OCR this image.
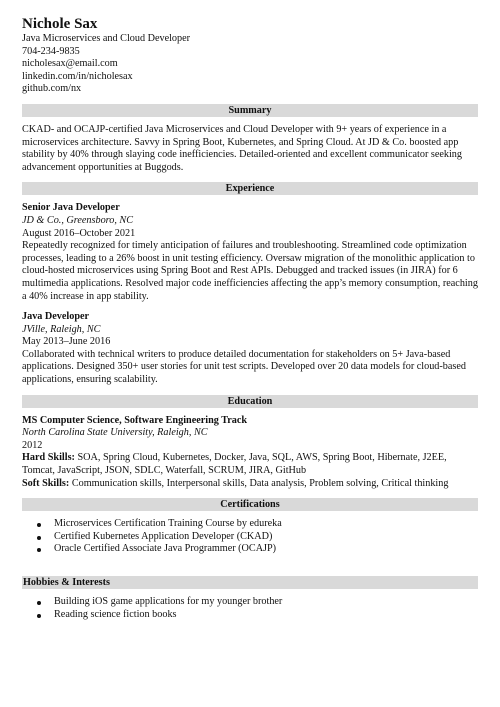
Nichole Sax
Java Microservices and Cloud Developer
704-234-9835
nicholesax@email.com
linkedin.com/in/nicholesax
github.com/nx
Summary

CKAD- and OCAJP-certified Java Microservices and Cloud Developer with 9+ years of experience in a microservices architecture. Savvy in Spring Boot, Kubernetes, and Spring Cloud. At JD & Co. boosted app stability by 40% through slaying code inefficiencies. Detailed-oriented and excellent communicator seeking advancement opportunities at Buggods.

Experience
Senior Java Developer
JD & Co., Greensboro, NC
August 2016–October 2021

Repeatedly recognized for timely anticipation of failures and troubleshooting. Streamlined code optimization processes, leading to a 26% boost in unit testing efficiency. Oversaw migration of the monolithic application to cloud-hosted microservices using Spring Boot and Rest APIs. Debugged and tracked issues (in JIRA) for 6 multimedia applications. Resolved major code inefficiencies affecting the app’s memory consumption, reaching a 40% increase in app stability.

Java Developer
JVille, Raleigh, NC
May 2013–June 2016

Collaborated with technical writers to produce detailed documentation for stakeholders on 5+ Java-based applications. Designed 350+ user stories for unit test scripts. Developed over 20 data models for cloud-based applications, ensuring scalability.

Education
MS Computer Science, Software Engineering Track
North Carolina State University, Raleigh, NC
2012

Hard Skills: SOA, Spring Cloud, Kubernetes, Docker, Java, SQL, AWS, Spring Boot, Hibernate, J2EE, Tomcat, JavaScript, JSON, SDLC, Waterfall, SCRUM, JIRA, GitHub

Soft Skills: Communication skills, Interpersonal skills, Data analysis, Problem solving, Critical thinking

Certifications
Microservices Certification Training Course by edureka
Certified Kubernetes Application Developer (CKAD)
Oracle Certified Associate Java Programmer (OCAJP)
Hobbies & Interests
Building iOS game applications for my younger brother
Reading science fiction books
